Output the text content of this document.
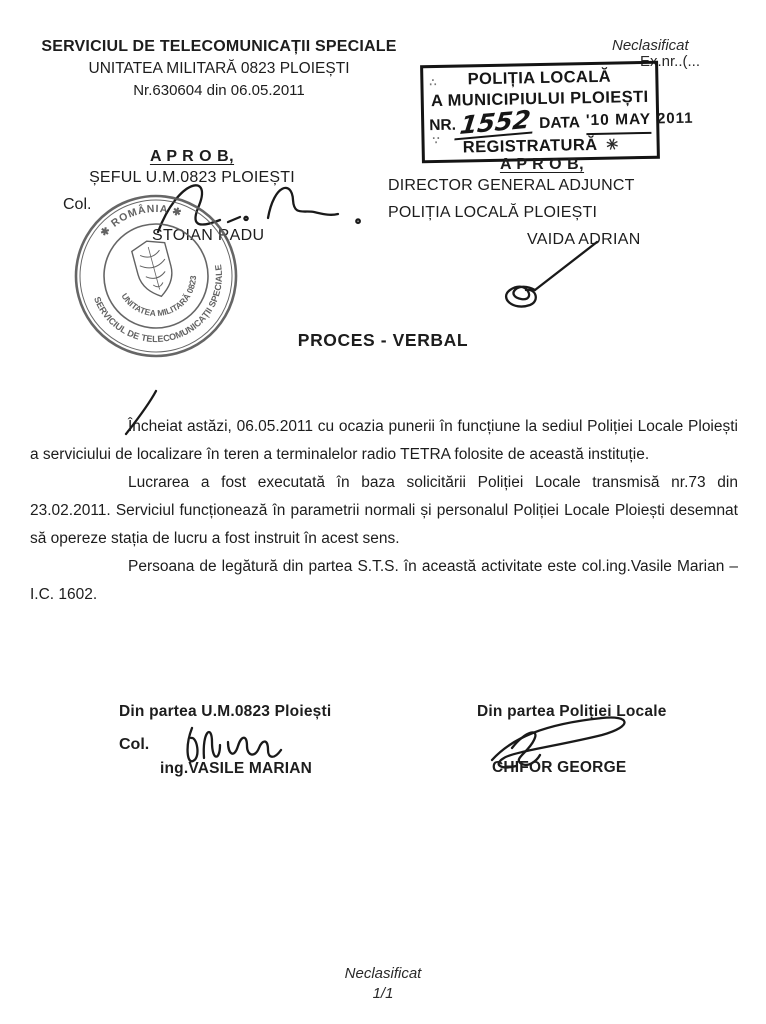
SERVICIUL DE TELECOMUNICAȚII SPECIALE
UNITATEA MILITARĂ 0823 PLOIEȘTI
Nr.630604 din 06.05.2011
Neclasificat
Ex.nr..(...
∴
∵
POLIȚIA LOCALĂ
A MUNICIPIULUI PLOIEȘTI
NR. 1552 DATA '10 MAY
REGISTRATURĂ ✳
2011
A P R O B,
ȘEFUL U.M.0823 PLOIEȘTI
Col.
STOIAN RADU
✱ ROMÂNIA ✱
SERVICIUL DE TELECOMUNICAȚII SPECIALE
UNITATEA MILITARĂ 0823
A P R O B,
DIRECTOR GENERAL ADJUNCT
POLIȚIA LOCALĂ PLOIEȘTI
VAIDA ADRIAN
PROCES - VERBAL

Încheiat astăzi, 06.05.2011 cu ocazia punerii în funcțiune la sediul Poliției Locale Ploiești a serviciului de localizare în teren a terminalelor radio TETRA folosite de această instituție.

Lucrarea a fost executată în baza solicitării Poliției Locale transmisă nr.73 din 23.02.2011. Serviciul funcționează în parametrii normali și personalul Poliției Locale Ploiești desemnat să opereze stația de lucru a fost instruit în acest sens.

Persoana de legătură din partea S.T.S. în această activitate este col.ing.Vasile Marian – I.C. 1602.

Din partea U.M.0823 Ploiești
Col.
ing.VASILE MARIAN
Din partea Poliției Locale
CHIFOR GEORGE
Neclasificat
1/1
